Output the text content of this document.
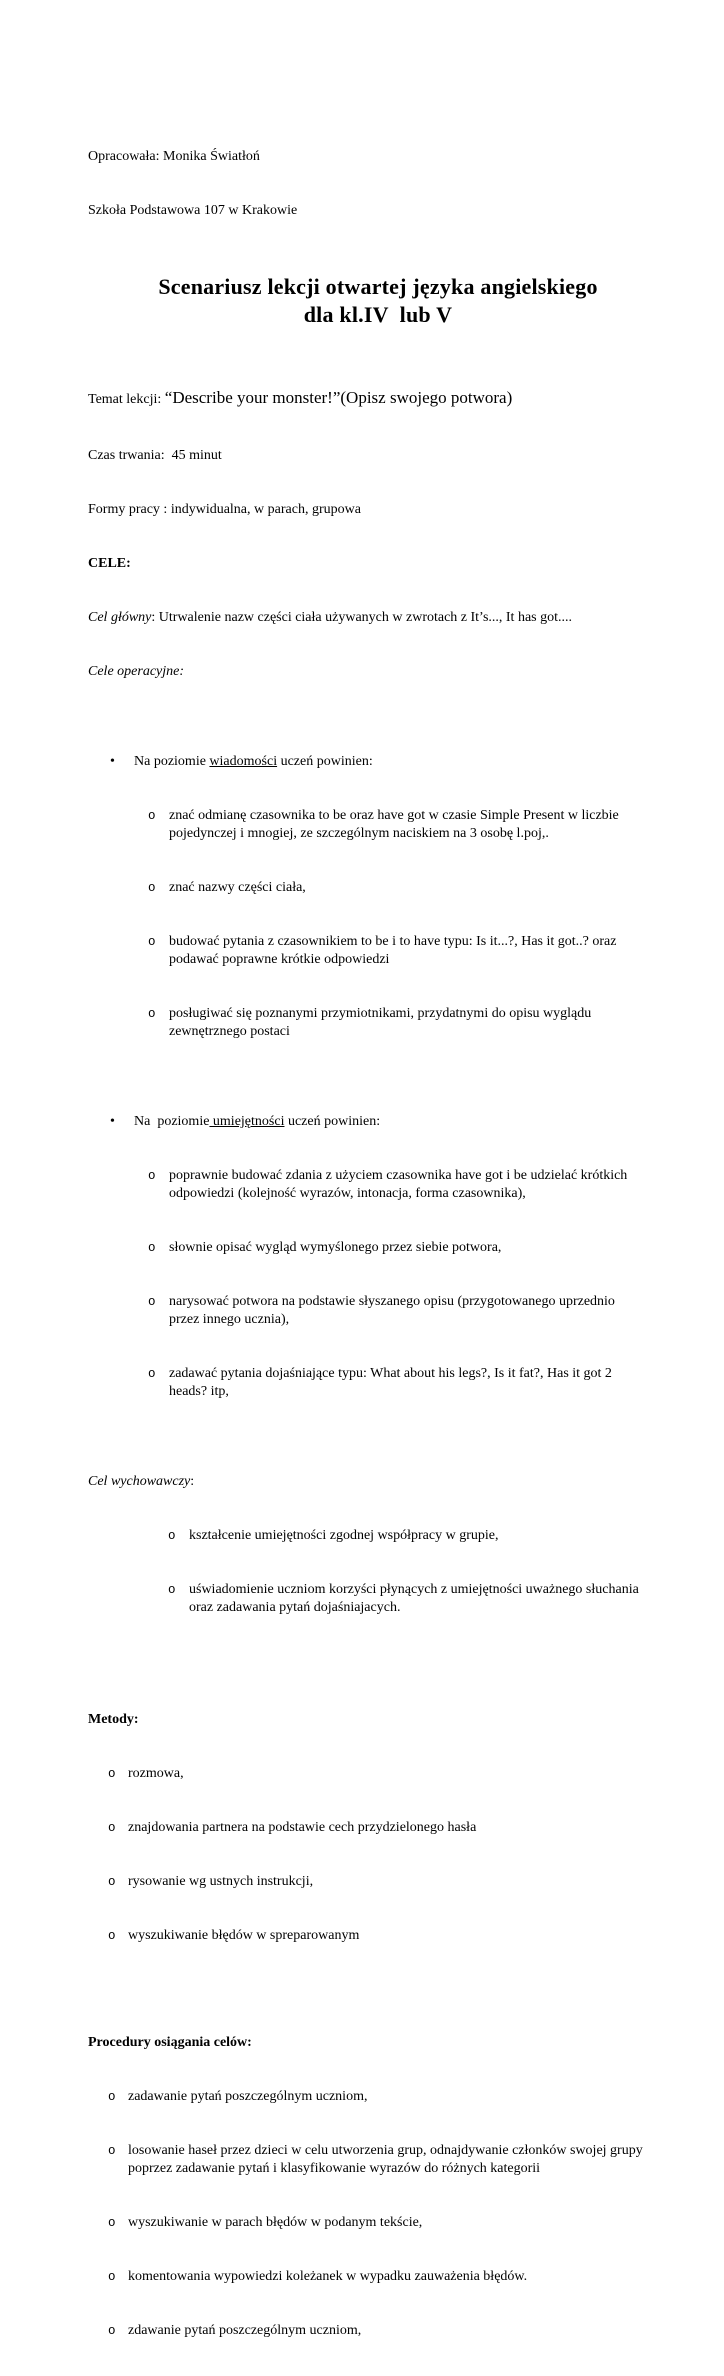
Opracowała: Monika Światłoń

Szkoła Podstawowa 107 w Krakowie

Scenariusz lekcji otwartej języka angielskiego
dla kl.IV  lub V

Temat lekcji: “Describe your monster!”(Opisz swojego potwora)

Czas trwania:  45 minut

Formy pracy : indywidualna, w parach, grupowa

CELE:

Cel główny: Utrwalenie nazw części ciała używanych w zwrotach z It’s..., It has got....

Cele operacyjne:

•	Na poziomie wiadomości uczeń powinien:

o znać odmianę czasownika to be oraz have got w czasie Simple Present w liczbie pojedynczej i mnogiej, ze szczególnym naciskiem na 3 osobę l.poj,.

o znać nazwy części ciała,

o budować pytania z czasownikiem to be i to have typu: Is it...?, Has it got..? oraz podawać poprawne krótkie odpowiedzi

o posługiwać się poznanymi przymiotnikami, przydatnymi do opisu wyglądu zewnętrznego postaci

•	Na  poziomie umiejętności uczeń powinien:

o poprawnie budować zdania z użyciem czasownika have got i be udzielać krótkich odpowiedzi (kolejność wyrazów, intonacja, forma czasownika),

o słownie opisać wygląd wymyślonego przez siebie potwora,

o narysować potwora na podstawie słyszanego opisu (przygotowanego uprzednio przez innego ucznia),

o zadawać pytania dojaśniające typu: What about his legs?, Is it fat?, Has it got 2 heads? itp,

Cel wychowawczy:

o kształcenie umiejętności zgodnej współpracy w grupie,

o uświadomienie uczniom korzyści płynących z umiejętności uważnego słuchania oraz zadawania pytań dojaśniajacych.

Metody:

o rozmowa,

o znajdowania partnera na podstawie cech przydzielonego hasła

o rysowanie wg ustnych instrukcji,

o wyszukiwanie błędów w spreparowanym

Procedury osiągania celów:

o zadawanie pytań poszczególnym uczniom,

o losowanie haseł przez dzieci w celu utworzenia grup, odnajdywanie członków swojej grupy poprzez zadawanie pytań i klasyfikowanie wyrazów do różnych kategorii

o wyszukiwanie w parach błędów w podanym tekście,

o komentowania wypowiedzi koleżanek w wypadku zauważenia błędów.

o zdawanie pytań poszczególnym uczniom,
